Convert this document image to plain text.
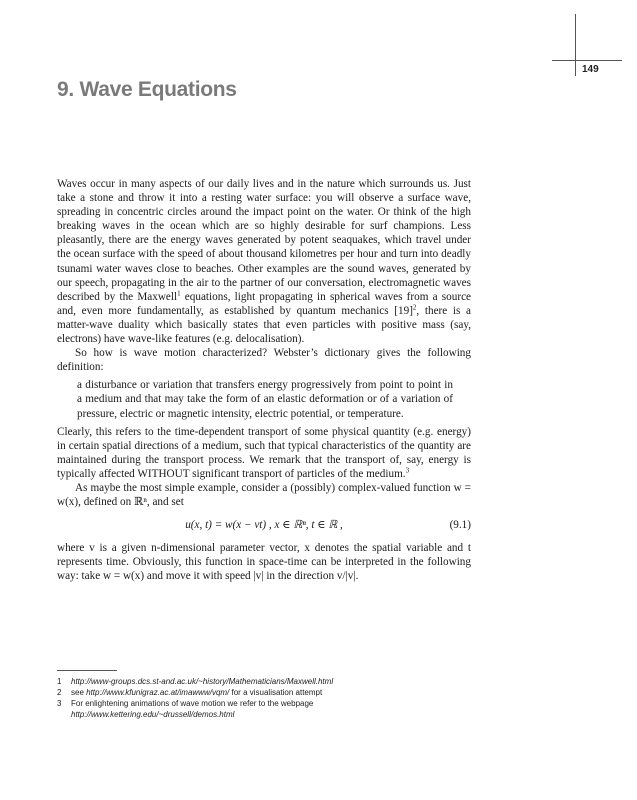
149
9. Wave Equations

Waves occur in many aspects of our daily lives and in the nature which surrounds us. Just take a stone and throw it into a resting water surface: you will observe a surface wave, spreading in concentric circles around the impact point on the water. Or think of the high breaking waves in the ocean which are so highly desirable for surf champions. Less pleasantly, there are the energy waves generated by potent seaquakes, which travel under the ocean surface with the speed of about thousand kilometres per hour and turn into deadly tsunami water waves close to beaches. Other examples are the sound waves, generated by our speech, propagating in the air to the partner of our conversation, electromagnetic waves described by the Maxwell$^1$ equations, light propagating in spherical waves from a source and, even more fundamentally, as established by quantum mechanics $[19]^2$, there is a matter-wave duality which basically states that even particles with positive mass (say, electrons) have wave-like features (e.g. delocalisation).

So how is wave motion characterized? Webster’s dictionary gives the following definition:

a disturbance or variation that transfers energy progressively from point to point in a medium and that may take the form of an elastic deformation or of a variation of pressure, electric or magnetic intensity, electric potential, or temperature.

Clearly, this refers to the time-dependent transport of some physical quantity (e.g. energy) in certain spatial directions of a medium, such that typical characteristics of the quantity are maintained during the transport process. We remark that the transport of, say, energy is typically affected WITHOUT significant transport of particles of the medium.$^3$

As maybe the most simple example, consider a (possibly) complex-valued function w = w(x), defined on ℝⁿ, and set

u(x, t) = w(x − vt) , x ∈ ℝⁿ, t ∈ ℝ ,	(9.1)

where v is a given n-dimensional parameter vector, x denotes the spatial variable and t represents time. Obviously, this function in space-time can be interpreted in the following way: take w = w(x) and move it with speed |v| in the direction v/|v|.

1 http://www-groups.dcs.st-and.ac.uk/~history/Mathematicians/Maxwell.html
2 see http://www.kfunigraz.ac.at/imawww/vqm/ for a visualisation attempt
3 For enlightening animations of wave motion we refer to the webpage http://www.kettering.edu/~drussell/demos.html
